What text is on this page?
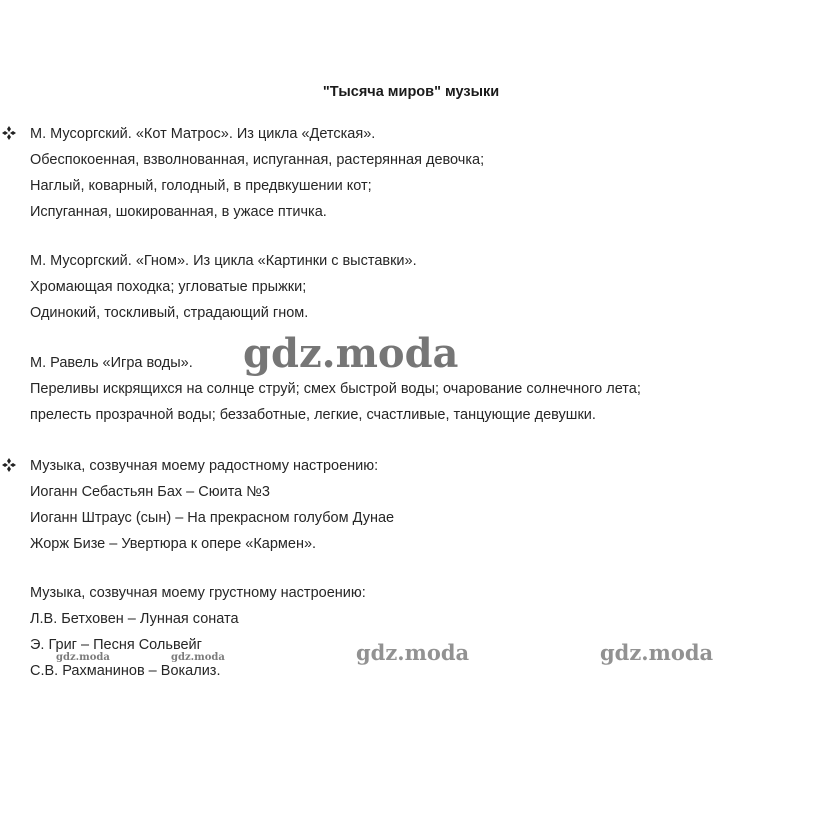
"Тысяча миров" музыки
М. Мусоргский. «Кот Матрос». Из цикла «Детская».
Обеспокоенная, взволнованная, испуганная, растерянная девочка;
Наглый, коварный, голодный, в предвкушении кот;
Испуганная, шокированная, в ужасе птичка.
М. Мусоргский. «Гном». Из цикла «Картинки с выставки».
Хромающая походка; угловатые прыжки;
Одинокий, тоскливый, страдающий гном.
М. Равель «Игра воды».
Переливы искрящихся на солнце струй; смех быстрой воды; очарование солнечного лета;
прелесть прозрачной воды; беззаботные, легкие, счастливые, танцующие девушки.
Музыка, созвучная моему радостному настроению:
Иоганн Себастьян Бах – Сюита №3
Иоганн Штраус (сын) – На прекрасном голубом Дунае
Жорж Бизе – Увертюра к опере «Кармен».
Музыка, созвучная моему грустному настроению:
Л.В. Бетховен – Лунная соната
Э. Григ – Песня Сольвейг
С.В. Рахманинов – Вокализ.
gdz.moda
gdz.moda	gdz.moda
gdz.moda	gdz.moda
